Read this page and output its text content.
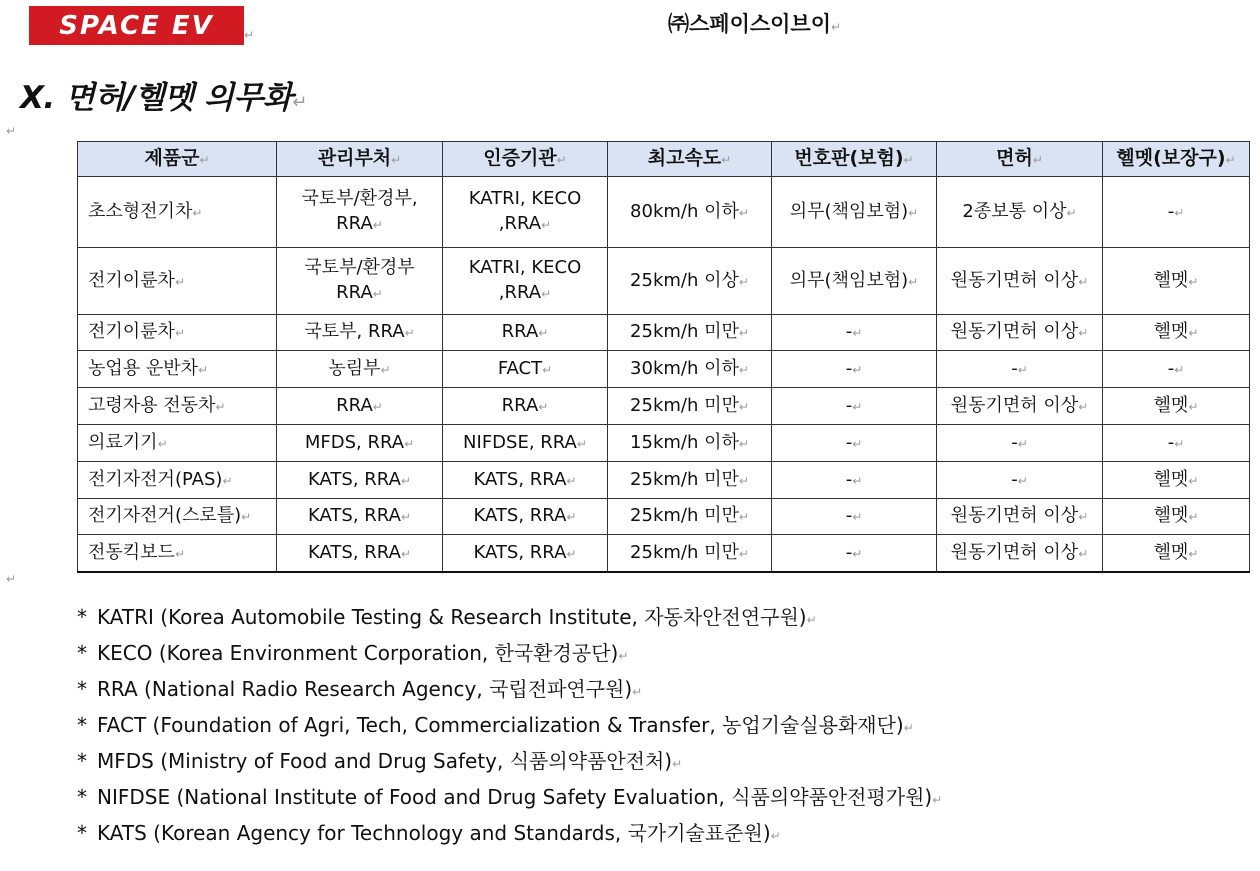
SPACE EV	↵	㈜스페이스이브이↵
X. 면허/헬멧 의무화↵
↵
제품군↵	관리부처↵	인증기관↵	최고속도↵	번호판(보험)↵	면허↵	헬멧(보장구)↵
초소형전기차↵	국토부/환경부, RRA↵	KATRI, KECO ,RRA↵	80km/h 이하↵	의무(책임보험)↵	2종보통 이상↵	-↵
전기이륜차↵	국토부/환경부 RRA↵	KATRI, KECO ,RRA↵	25km/h 이상↵	의무(책임보험)↵	원동기면허 이상↵	헬멧↵
전기이륜차↵	국토부, RRA↵	RRA↵	25km/h 미만↵	-↵	원동기면허 이상↵	헬멧↵
농업용 운반차↵	농림부↵	FACT↵	30km/h 이하↵	-↵	-↵	-↵
고령자용 전동차↵	RRA↵	RRA↵	25km/h 미만↵	-↵	원동기면허 이상↵	헬멧↵
의료기기↵	MFDS, RRA↵	NIFDSE, RRA↵	15km/h 이하↵	-↵	-↵	-↵
전기자전거(PAS)↵	KATS, RRA↵	KATS, RRA↵	25km/h 미만↵	-↵	-↵	헬멧↵
전기자전거(스로틀)↵	KATS, RRA↵	KATS, RRA↵	25km/h 미만↵	-↵	원동기면허 이상↵	헬멧↵
전동킥보드↵	KATS, RRA↵	KATS, RRA↵	25km/h 미만↵	-↵	원동기면허 이상↵	헬멧↵
↵
* KATRI (Korea Automobile Testing & Research Institute, 자동차안전연구원)↵
* KECO (Korea Environment Corporation, 한국환경공단)↵
* RRA (National Radio Research Agency, 국립전파연구원)↵
* FACT (Foundation of Agri, Tech, Commercialization & Transfer, 농업기술실용화재단)↵
* MFDS (Ministry of Food and Drug Safety, 식품의약품안전처)↵
* NIFDSE (National Institute of Food and Drug Safety Evaluation, 식품의약품안전평가원)↵
* KATS (Korean Agency for Technology and Standards, 국가기술표준원)↵
